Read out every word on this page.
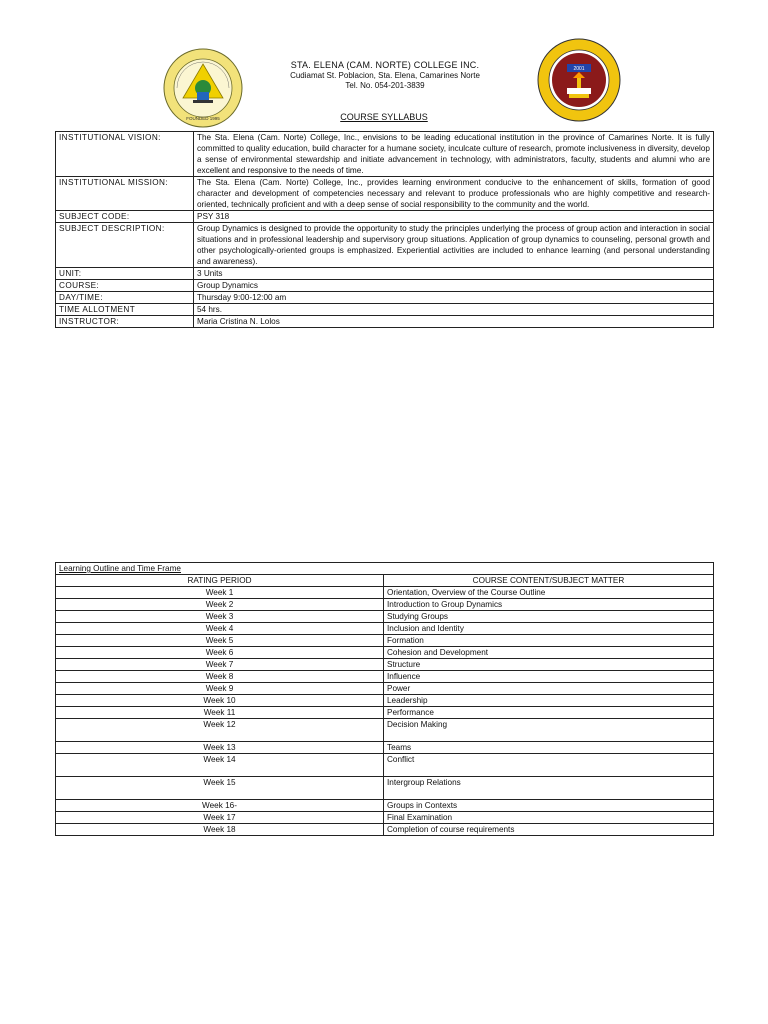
FOUNDED 1995
STA. ELENA (CAM. NORTE) COLLEGE INC.
Cudiamat St. Poblacion, Sta. Elena, Camarines Norte
Tel. No. 054-201-3839
2001
COURSE SYLLABUS
INSTITUTIONAL VISION:	The Sta. Elena (Cam. Norte) College, Inc., envisions to be leading educational institution in the province of Camarines Norte. It is fully committed to quality education, build character for a humane society, inculcate culture of research, promote inclusiveness in diversity, develop a sense of environmental stewardship and initiate advancement in technology, with administrators, faculty, students and alumni who are excellent and responsive to the needs of time.
INSTITUTIONAL MISSION:	The Sta. Elena (Cam. Norte) College, Inc., provides learning environment conducive to the enhancement of skills, formation of good character and development of competencies necessary and relevant to produce professionals who are highly competitive and research-oriented, technically proficient and with a deep sense of social responsibility to the community and the world.
SUBJECT CODE:	PSY 318
SUBJECT DESCRIPTION:	Group Dynamics is designed to provide the opportunity to study the principles underlying the process of group action and interaction in social situations and in professional leadership and supervisory group situations. Application of group dynamics to counseling, personal growth and other psychologically-oriented groups is emphasized. Experiential activities are included to enhance learning (and personal understanding and awareness).
UNIT:	3 Units
COURSE:	Group Dynamics
DAY/TIME:	Thursday 9:00-12:00 am
TIME ALLOTMENT	54 hrs.
INSTRUCTOR:	Maria Cristina N. Lolos
Learning Outline and Time Frame	
RATING PERIOD	COURSE CONTENT/SUBJECT MATTER
Week 1	Orientation, Overview of the Course Outline
Week 2	Introduction to Group Dynamics
Week 3	Studying Groups
Week 4	Inclusion and Identity
Week 5	Formation
Week 6	Cohesion and Development
Week 7	Structure
Week 8	Influence
Week 9	Power
Week 10	Leadership
Week 11	Performance
Week 12	Decision Making
Week 13	Teams
Week 14	Conflict
Week 15	Intergroup Relations
Week 16-	Groups in Contexts
Week 17	Final Examination
Week 18	Completion of course requirements
